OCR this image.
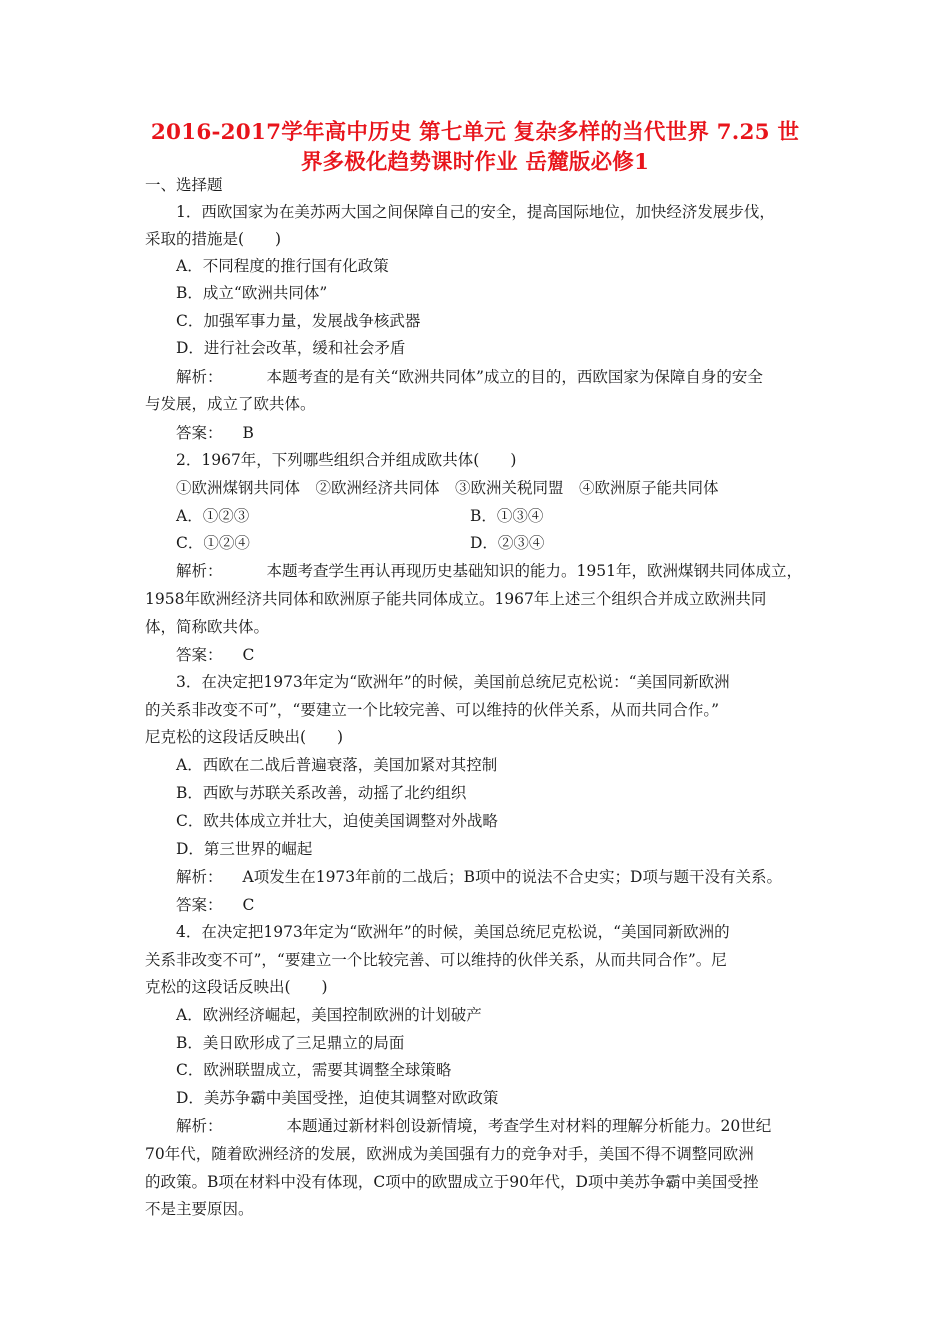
2016-2017学年高中历史 第七单元 复杂多样的当代世界 7.25 世
界多极化趋势课时作业 岳麓版必修1
一、选择题
1．西欧国家为在美苏两大国之间保障自己的安全，提高国际地位，加快经济发展步伐，
采取的措施是(　　)
A．不同程度的推行国有化政策
B．成立“欧洲共同体”
C．加强军事力量，发展战争核武器
D．进行社会改革，缓和社会矛盾
解析：	本题考查的是有关“欧洲共同体”成立的目的，西欧国家为保障自身的安全
与发展，成立了欧共体。
答案： B
2．1967年，下列哪些组织合并组成欧共体(　　)
①欧洲煤钢共同体　②欧洲经济共同体　③欧洲关税同盟　④欧洲原子能共同体
A．①②③	B．①③④
C．①②④	D．②③④
解析：	本题考查学生再认再现历史基础知识的能力。1951年，欧洲煤钢共同体成立，
1958年欧洲经济共同体和欧洲原子能共同体成立。1967年上述三个组织合并成立欧洲共同
体，简称欧共体。
答案： C
3．在决定把1973年定为“欧洲年”的时候，美国前总统尼克松说：“美国同新欧洲
的关系非改变不可”，“要建立一个比较完善、可以维持的伙伴关系，从而共同合作。”
尼克松的这段话反映出(　　)
A．西欧在二战后普遍衰落，美国加紧对其控制
B．西欧与苏联关系改善，动摇了北约组织
C．欧共体成立并壮大，迫使美国调整对外战略
D．第三世界的崛起
解析： A项发生在1973年前的二战后；B项中的说法不合史实；D项与题干没有关系。
答案： C
4．在决定把1973年定为“欧洲年”的时候，美国总统尼克松说，“美国同新欧洲的
关系非改变不可”，“要建立一个比较完善、可以维持的伙伴关系，从而共同合作”。尼
克松的这段话反映出(　　)
A．欧洲经济崛起，美国控制欧洲的计划破产
B．美日欧形成了三足鼎立的局面
C．欧洲联盟成立，需要其调整全球策略
D．美苏争霸中美国受挫，迫使其调整对欧政策
解析：	本题通过新材料创设新情境，考查学生对材料的理解分析能力。20世纪
70年代，随着欧洲经济的发展，欧洲成为美国强有力的竞争对手，美国不得不调整同欧洲
的政策。B项在材料中没有体现，C项中的欧盟成立于90年代，D项中美苏争霸中美国受挫
不是主要原因。
